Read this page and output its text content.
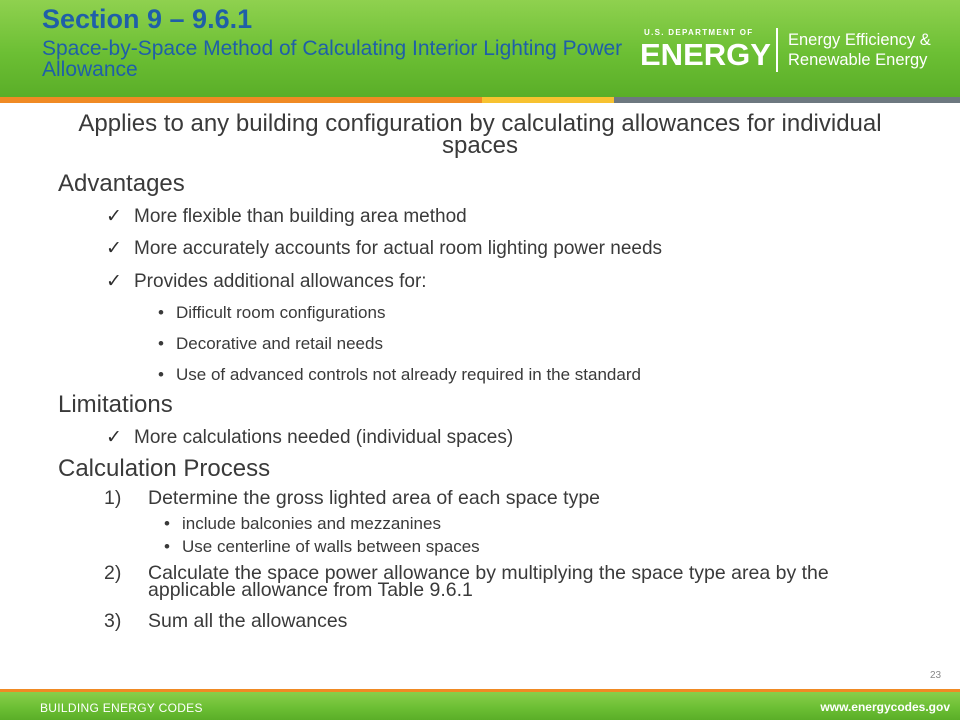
Section 9 – 9.6.1
Space-by-Space Method of Calculating Interior Lighting Power Allowance
U.S. DEPARTMENT OF
ENERGY Energy Efficiency &
Renewable Energy
Applies to any building configuration by calculating allowances for individual spaces
Advantages
✓ More flexible than building area method
✓ More accurately accounts for actual room lighting power needs
✓ Provides additional allowances for:
• Difficult room configurations
• Decorative and retail needs
• Use of advanced controls not already required in the standard
Limitations
✓ More calculations needed (individual spaces)
Calculation Process
1)	Determine the gross lighted area of each space type
• include balconies and mezzanines
• Use centerline of walls between spaces
2)	Calculate the space power allowance by multiplying the space type area by the applicable allowance from Table 9.6.1
3)	Sum all the allowances
23
BUILDING ENERGY CODES	www.energycodes.gov
